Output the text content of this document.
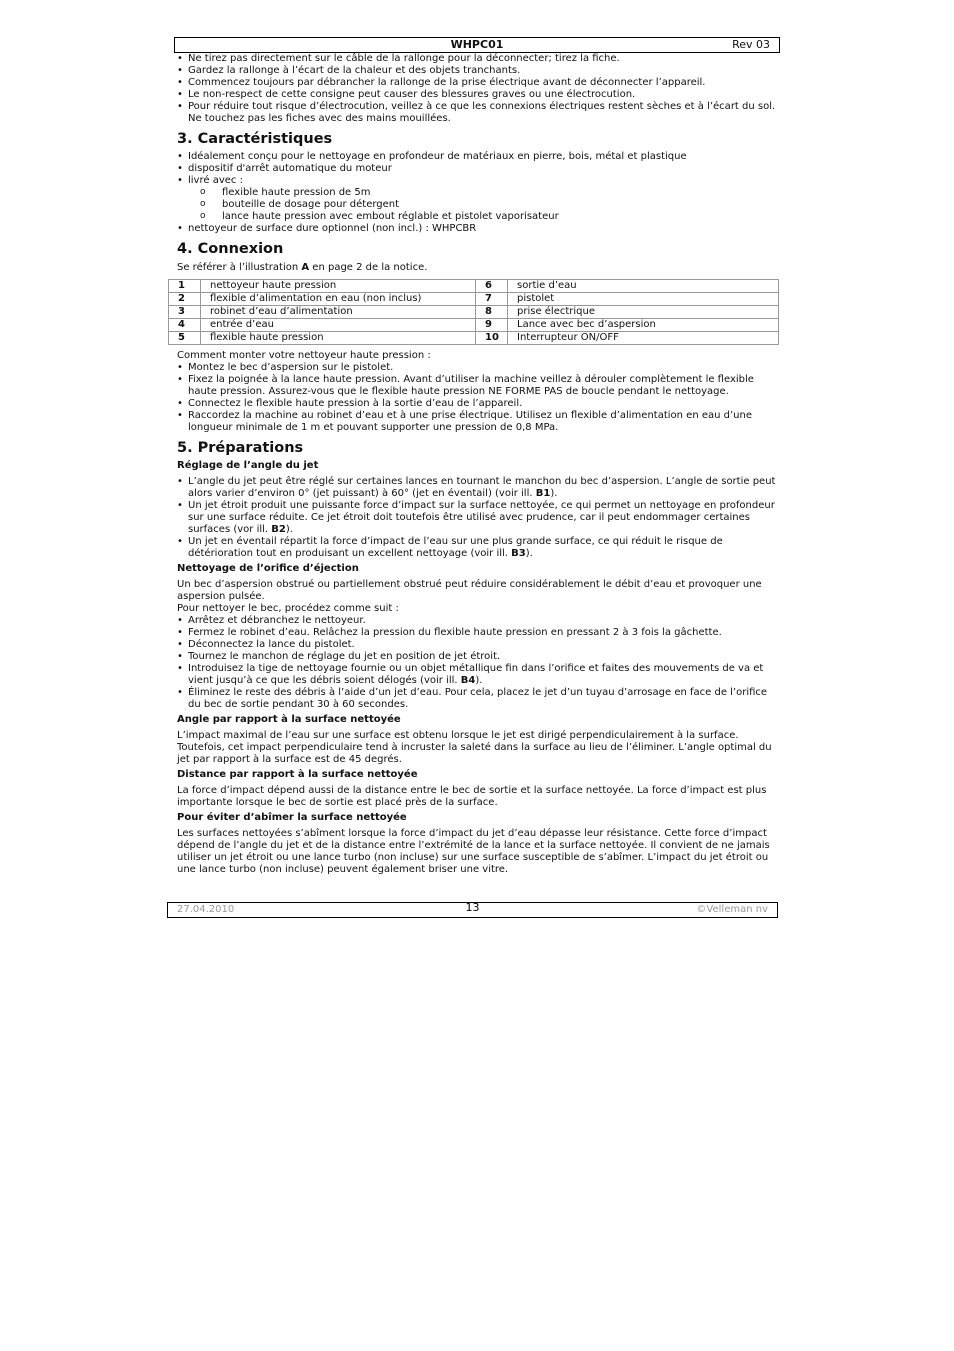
WHPC01	Rev 03
• Ne tirez pas directement sur le câble de la rallonge pour la déconnecter; tirez la fiche.
• Gardez la rallonge à l’écart de la chaleur et des objets tranchants.
• Commencez toujours par débrancher la rallonge de la prise électrique avant de déconnecter l’appareil.
• Le non-respect de cette consigne peut causer des blessures graves ou une électrocution.
• Pour réduire tout risque d’électrocution, veillez à ce que les connexions électriques restent sèches et à l’écart du sol. Ne touchez pas les fiches avec des mains mouillées.
3. Caractéristiques
• Idéalement conçu pour le nettoyage en profondeur de matériaux en pierre, bois, métal et plastique
• dispositif d'arrêt automatique du moteur
• livré avec :
o flexible haute pression de 5m
o bouteille de dosage pour détergent
o lance haute pression avec embout réglable et pistolet vaporisateur
• nettoyeur de surface dure optionnel (non incl.) : WHPCBR
4. Connexion

Se référer à l’illustration A en page 2 de la notice.

1	nettoyeur haute pression	6	sortie d’eau
2	flexible d’alimentation en eau (non inclus)	7	pistolet
3	robinet d’eau d’alimentation	8	prise électrique
4	entrée d’eau	9	Lance avec bec d’aspersion
5	flexible haute pression	10	Interrupteur ON/OFF

Comment monter votre nettoyeur haute pression :

• Montez le bec d’aspersion sur le pistolet.
• Fixez la poignée à la lance haute pression. Avant d’utiliser la machine veillez à dérouler complètement le flexible haute pression. Assurez-vous que le flexible haute pression NE FORME PAS de boucle pendant le nettoyage.
• Connectez le flexible haute pression à la sortie d’eau de l’appareil.
• Raccordez la machine au robinet d’eau et à une prise électrique. Utilisez un flexible d’alimentation en eau d’une longueur minimale de 1 m et pouvant supporter une pression de 0,8 MPa.
5. Préparations
Réglage de l’angle du jet
• L’angle du jet peut être réglé sur certaines lances en tournant le manchon du bec d’aspersion. L’angle de sortie peut alors varier d’environ 0° (jet puissant) à 60° (jet en éventail) (voir ill. B1).
• Un jet étroit produit une puissante force d’impact sur la surface nettoyée, ce qui permet un nettoyage en profondeur sur une surface réduite. Ce jet étroit doit toutefois être utilisé avec prudence, car il peut endommager certaines surfaces (vor ill. B2).
• Un jet en éventail répartit la force d’impact de l’eau sur une plus grande surface, ce qui réduit le risque de détérioration tout en produisant un excellent nettoyage (voir ill. B3).
Nettoyage de l’orifice d’éjection

Un bec d’aspersion obstrué ou partiellement obstrué peut réduire considérablement le débit d’eau et provoquer une aspersion pulsée.

Pour nettoyer le bec, procédez comme suit :

• Arrêtez et débranchez le nettoyeur.
• Fermez le robinet d’eau. Relâchez la pression du flexible haute pression en pressant 2 à 3 fois la gâchette.
• Déconnectez la lance du pistolet.
• Tournez le manchon de réglage du jet en position de jet étroit.
• Introduisez la tige de nettoyage fournie ou un objet métallique fin dans l’orifice et faites des mouvements de va et vient jusqu’à ce que les débris soient délogés (voir ill. B4).
• Éliminez le reste des débris à l’aide d’un jet d’eau. Pour cela, placez le jet d’un tuyau d’arrosage en face de l’orifice du bec de sortie pendant 30 à 60 secondes.
Angle par rapport à la surface nettoyée

L’impact maximal de l’eau sur une surface est obtenu lorsque le jet est dirigé perpendiculairement à la surface. Toutefois, cet impact perpendiculaire tend à incruster la saleté dans la surface au lieu de l’éliminer. L’angle optimal du jet par rapport à la surface est de 45 degrés.

Distance par rapport à la surface nettoyée

La force d’impact dépend aussi de la distance entre le bec de sortie et la surface nettoyée. La force d’impact est plus importante lorsque le bec de sortie est placé près de la surface.

Pour éviter d’abîmer la surface nettoyée

Les surfaces nettoyées s’abîment lorsque la force d’impact du jet d’eau dépasse leur résistance. Cette force d’impact dépend de l’angle du jet et de la distance entre l’extrémité de la lance et la surface nettoyée. Il convient de ne jamais utiliser un jet étroit ou une lance turbo (non incluse) sur une surface susceptible de s’abîmer. L’impact du jet étroit ou une lance turbo (non incluse) peuvent également briser une vitre.

27.04.2010	13	©Velleman nv
